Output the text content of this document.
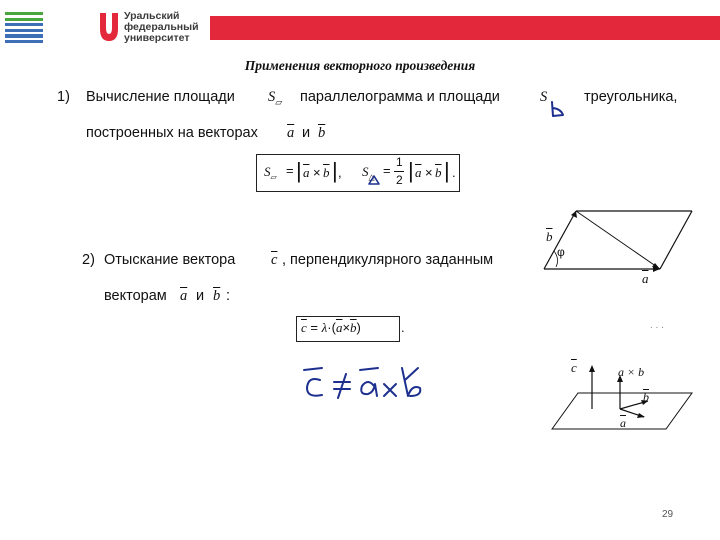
Уральский
федеральный
университет
Применения векторного произведения
1) Вычисление площади $S_▱$ параллелограмма и площади	S	треугольника,
построенных на векторах $\overline{a}$ и $\overline{b}$
$S_▱$ = | $\overline{a} \times \overline{b}$ | , $S_\triangle$ =
1
2 | $\overline{a} \times \overline{b}$ | .
$\overline{b}$
φ
$\overline{a}$
2) Отыскание вектора $\overline{c}$ , перпендикулярного заданным
векторам $\overline{a}$ и $\overline{b}$ :
$\overline{c} = \lambda\cdot(\overline{a}\times\overline{b})$	.	. . .
$\overline{c}$	a × b
$\overline{b}$
$\overline{a}$
29
